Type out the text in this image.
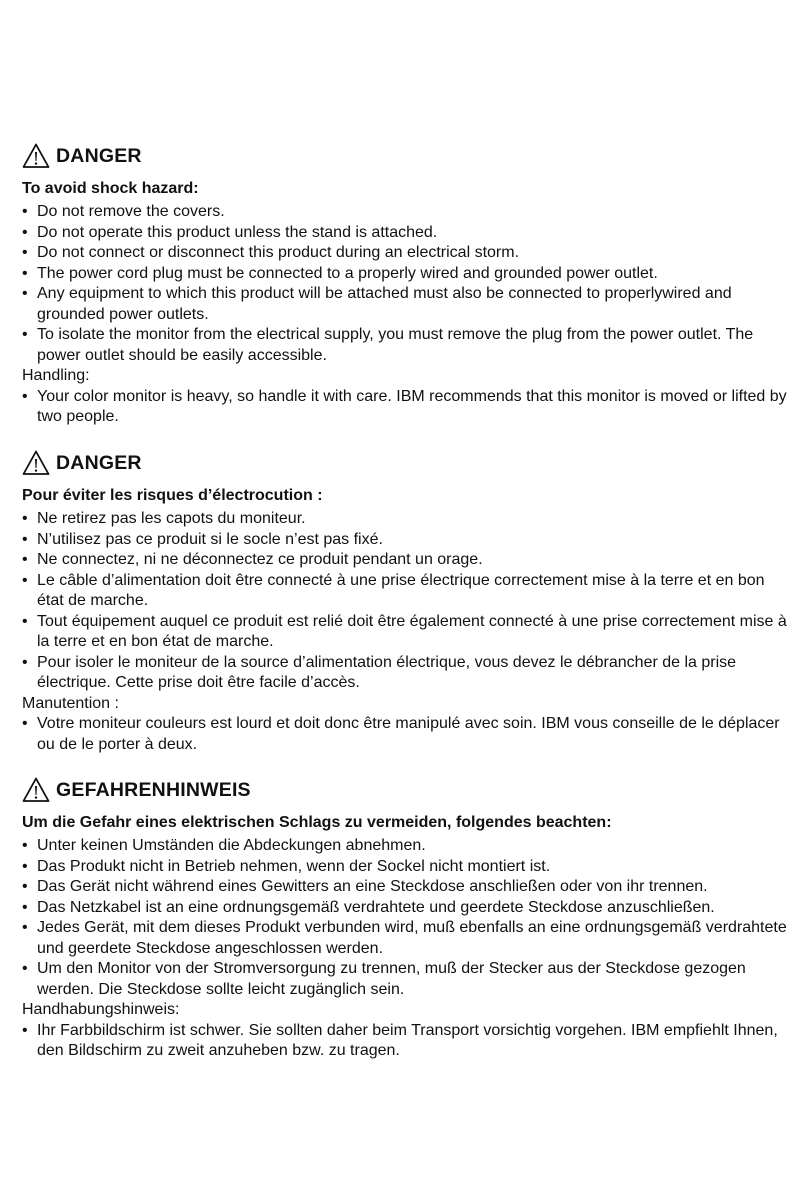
DANGER
To avoid shock hazard:
• Do not remove the covers.
• Do not operate this product unless the stand is attached.
• Do not connect or disconnect this product during an electrical storm.
• The power cord plug must be connected to a properly wired and grounded power outlet.
• Any equipment to which this product will be attached must also be connected to properlywired and grounded power outlets.
• To isolate the monitor from the electrical supply, you must remove the plug from the power outlet. The power outlet should be easily accessible.
Handling:
• Your color monitor is heavy, so handle it with care. IBM recommends that this monitor is moved or lifted by two people.
DANGER
Pour éviter les risques d’électrocution :
• Ne retirez pas les capots du moniteur.
• N’utilisez pas ce produit si le socle n’est pas fixé.
• Ne connectez, ni ne déconnectez ce produit pendant un orage.
• Le câble d’alimentation doit être connecté à une prise électrique correctement mise à la terre et en bon état de marche.
• Tout équipement auquel ce produit est relié doit être également connecté à une prise correctement mise à la terre et en bon état de marche.
• Pour isoler le moniteur de la source d’alimentation électrique, vous devez le débrancher de la prise électrique. Cette prise doit être facile d’accès.
Manutention :
• Votre moniteur couleurs est lourd et doit donc être manipulé avec soin. IBM vous conseille de le déplacer ou de le porter à deux.
GEFAHRENHINWEIS
Um die Gefahr eines elektrischen Schlags zu vermeiden, folgendes beachten:
• Unter keinen Umständen die Abdeckungen abnehmen.
• Das Produkt nicht in Betrieb nehmen, wenn der Sockel nicht montiert ist.
• Das Gerät nicht während eines Gewitters an eine Steckdose anschließen oder von ihr trennen.
• Das Netzkabel ist an eine ordnungsgemäß verdrahtete und geerdete Steckdose anzuschließen.
• Jedes Gerät, mit dem dieses Produkt verbunden wird, muß ebenfalls an eine ordnungsgemäß verdrahtete und geerdete Steckdose angeschlossen werden.
• Um den Monitor von der Stromversorgung zu trennen, muß der Stecker aus der Steckdose gezogen werden. Die Steckdose sollte leicht zugänglich sein.
Handhabungshinweis:
• Ihr Farbbildschirm ist schwer. Sie sollten daher beim Transport vorsichtig vorgehen. IBM empfiehlt Ihnen, den Bildschirm zu zweit anzuheben bzw. zu tragen.
